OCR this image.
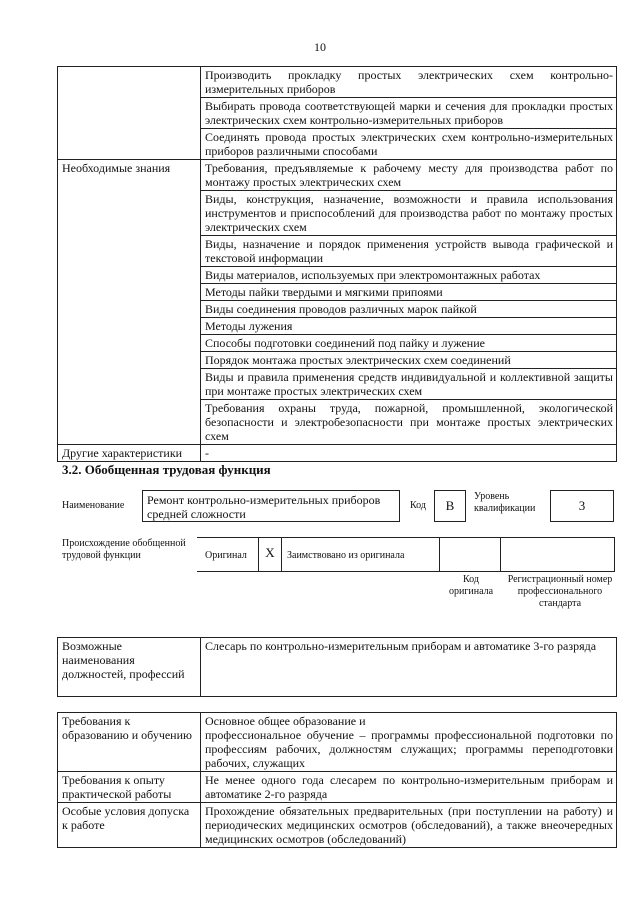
10
	Производить прокладку простых электрических схем контрольно-измерительных приборов
	Выбирать провода соответствующей марки и сечения для прокладки простых электрических схем контрольно-измерительных приборов
	Соединять провода простых электрических схем контрольно-измерительных приборов различными способами
Необходимые знания	Требования, предъявляемые к рабочему месту для производства работ по монтажу простых электрических схем
	Виды, конструкция, назначение, возможности и правила использования инструментов и приспособлений для производства работ по монтажу простых электрических схем
	Виды, назначение и порядок применения устройств вывода графической и текстовой информации
	Виды материалов, используемых при электромонтажных работах
	Методы пайки твердыми и мягкими припоями
	Виды соединения проводов различных марок пайкой
	Методы лужения
	Способы подготовки соединений под пайку и лужение
	Порядок монтажа простых электрических схем соединений
	Виды и правила применения средств индивидуальной и коллективной защиты при монтаже простых электрических схем
	Требования охраны труда, пожарной, промышленной, экологической безопасности и электробезопасности при монтаже простых электрических схем
Другие характеристики	-
3.2. Обобщенная трудовая функция
Наименование	Ремонт контрольно-измерительных приборов средней сложности
Код	B
Уровень квалификации	3
Происхождение обобщенной трудовой функции	Оригинал	X	Заимствовано из оригинала
Код оригинала
Регистрационный номер профессионального стандарта
Возможные наименования должностей, профессий	Слесарь по контрольно-измерительным приборам и автоматике 3-го разряда
Требования к образованию и обучению	Основное общее образование и
профессиональное обучение – программы профессиональной подготовки по профессиям рабочих, должностям служащих; программы переподготовки рабочих, служащих
Требования к опыту практической работы	Не менее одного года слесарем по контрольно-измерительным приборам и автоматике 2-го разряда
Особые условия допуска к работе	Прохождение обязательных предварительных (при поступлении на работу) и периодических медицинских осмотров (обследований), а также внеочередных медицинских осмотров (обследований)
